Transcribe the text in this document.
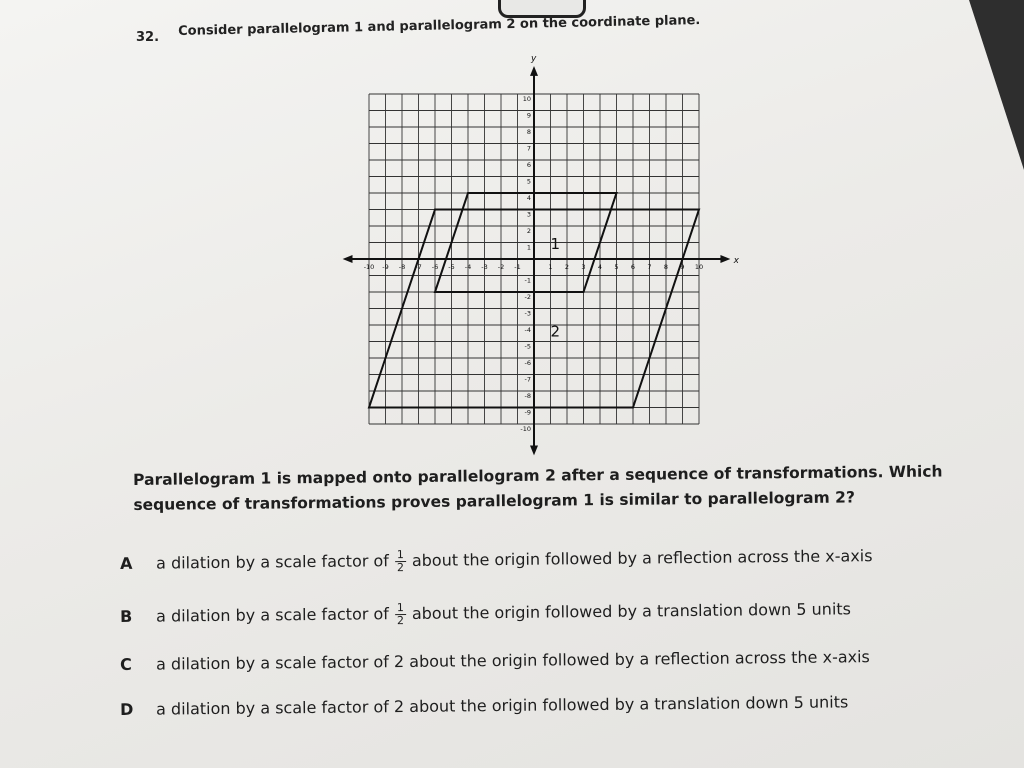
32. Consider parallelogram 1 and parallelogram 2 on the coordinate plane.
x
y
-10 -9 -8 -7 -6 -5 -4 -3 -2 -1	1 2 3 4 5 6 7 8 9 10
10
9
8
7
6
5
4
3
2
1
-1
-2
-3
-4
-5
-6
-7
-8
-9
-10
1
2
Parallelogram 1 is mapped onto parallelogram 2 after a sequence of transformations. Which sequence of transformations proves parallelogram 1 is similar to parallelogram 2?
A a dilation by a scale factor of $\frac{1}{2}$ about the origin followed by a reflection across the x-axis
B a dilation by a scale factor of $\frac{1}{2}$ about the origin followed by a translation down 5 units
C a dilation by a scale factor of 2 about the origin followed by a reflection across the x-axis
D a dilation by a scale factor of 2 about the origin followed by a translation down 5 units
